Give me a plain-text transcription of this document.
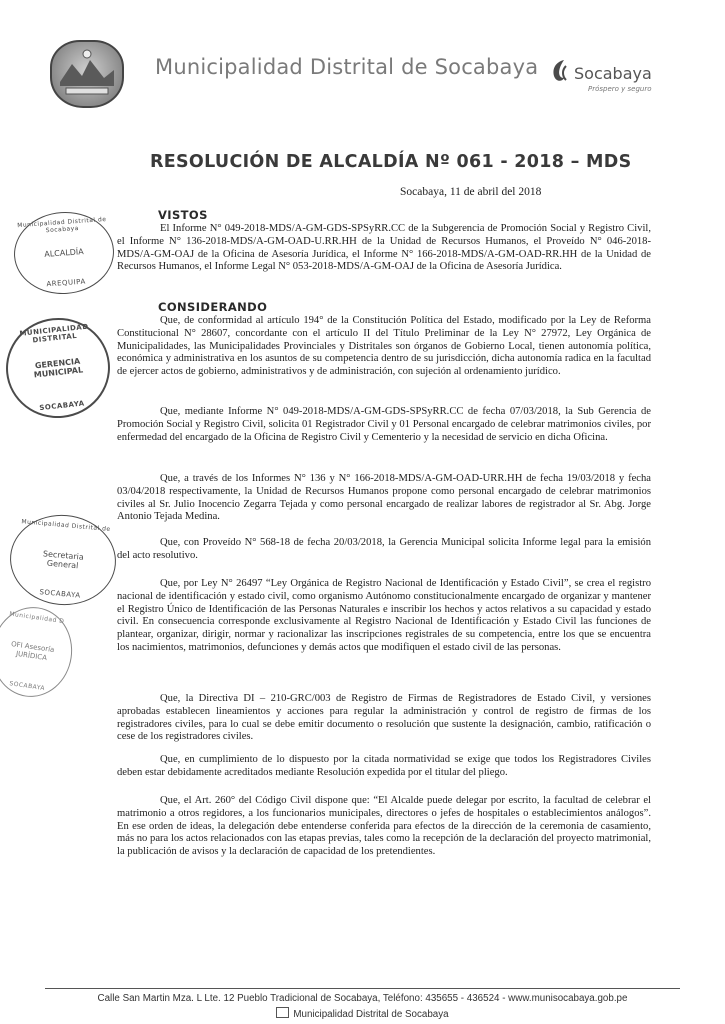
Municipalidad Distrital de Socabaya Socabaya
Próspero y seguro
RESOLUCIÓN DE ALCALDÍA Nº 061 - 2018 – MDS
Socabaya, 11 de abril del 2018
VISTOS

El Informe N° 049-2018-MDS/A-GM-GDS-SPSyRR.CC de la Subgerencia de Promoción Social y Registro Civil, el Informe N° 136-2018-MDS/A-GM-OAD-U.RR.HH de la Unidad de Recursos Humanos, el Proveído N° 046-2018-MDS/A-GM-OAJ de la Oficina de Asesoría Jurídica, el Informe N° 166-2018-MDS/A-GM-OAD-RR.HH de la Unidad de Recursos Humanos, el Informe Legal N° 053-2018-MDS/A-GM-OAJ de la Oficina de Asesoría Jurídica.

CONSIDERANDO

Que, de conformidad al artículo 194° de la Constitución Política del Estado, modificado por la Ley de Reforma Constitucional N° 28607, concordante con el artículo II del Título Preliminar de la Ley N° 27972, Ley Orgánica de Municipalidades, las Municipalidades Provinciales y Distritales son órganos de Gobierno Local, tienen autonomía política, económica y administrativa en los asuntos de su competencia dentro de su jurisdicción, dicha autonomía radica en la facultad de ejercer actos de gobierno, administrativos y de administración, con sujeción al ordenamiento jurídico.

Que, mediante Informe N° 049-2018-MDS/A-GM-GDS-SPSyRR.CC de fecha 07/03/2018, la Sub Gerencia de Promoción Social y Registro Civil, solicita 01 Registrador Civil y 01 Personal encargado de celebrar matrimonios civiles, por enfermedad del encargado de la Oficina de Registro Civil y Cementerio y la necesidad de servicio en dicha Oficina.

Que, a través de los Informes N° 136 y N° 166-2018-MDS/A-GM-OAD-URR.HH de fecha 19/03/2018 y fecha 03/04/2018 respectivamente, la Unidad de Recursos Humanos propone como personal encargado de celebrar matrimonios civiles al Sr. Julio Inocencio Zegarra Tejada y como personal encargado de realizar labores de registrador al Sr. Abg. Jorge Antonio Tejada Medina.

Que, con Proveído N° 568-18 de fecha 20/03/2018, la Gerencia Municipal solicita Informe legal para la emisión del acto resolutivo.

Que, por Ley N° 26497 “Ley Orgánica de Registro Nacional de Identificación y Estado Civil”, se crea el registro nacional de identificación y estado civil, como organismo Autónomo constitucionalmente encargado de organizar y mantener el Registro Único de Identificación de las Personas Naturales e inscribir los hechos y actos relativos a su capacidad y estado civil. En consecuencia corresponde exclusivamente al Registro Nacional de Identificación y Estado Civil las funciones de plantear, organizar, dirigir, normar y racionalizar las inscripciones registrales de su competencia, entre los que se encuentra los nacimientos, matrimonios, defunciones y demás actos que modifiquen el estado civil de las personas.

Que, la Directiva DI – 210-GRC/003 de Registro de Firmas de Registradores de Estado Civil, y versiones aprobadas establecen lineamientos y acciones para regular la administración y control de registro de firmas de los registradores civiles, para lo cual se debe emitir documento o resolución que sustente la designación, cambio, ratificación o cese de los registradores civiles.

Que, en cumplimiento de lo dispuesto por la citada normatividad se exige que todos los Registradores Civiles deben estar debidamente acreditados mediante Resolución expedida por el titular del pliego.

Que, el Art. 260° del Código Civil dispone que: “El Alcalde puede delegar por escrito, la facultad de celebrar el matrimonio a otros regidores, a los funcionarios municipales, directores o jefes de hospitales o establecimientos análogos”. En ese orden de ideas, la delegación debe entenderse conferida para efectos de la dirección de la ceremonia de casamiento, más no para los actos relacionados con las etapas previas, tales como la recepción de la declaración del proyecto matrimonial, la publicación de avisos y la declaración de capacidad de los pretendientes.

Municipalidad Distrital de Socabaya
ALCALDÍA
AREQUIPA
MUNICIPALIDAD DISTRITAL
GERENCIA MUNICIPAL
SOCABAYA
Municipalidad Distrital de
Secretaria General
SOCABAYA
Municipalidad D
OFI Asesoría JURÍDICA
SOCABAYA
Calle San Martin Mza. L Lte. 12 Pueblo Tradicional de Socabaya, Teléfono: 435655 - 436524 - www.munisocabaya.gob.pe
Municipalidad Distrital de Socabaya
